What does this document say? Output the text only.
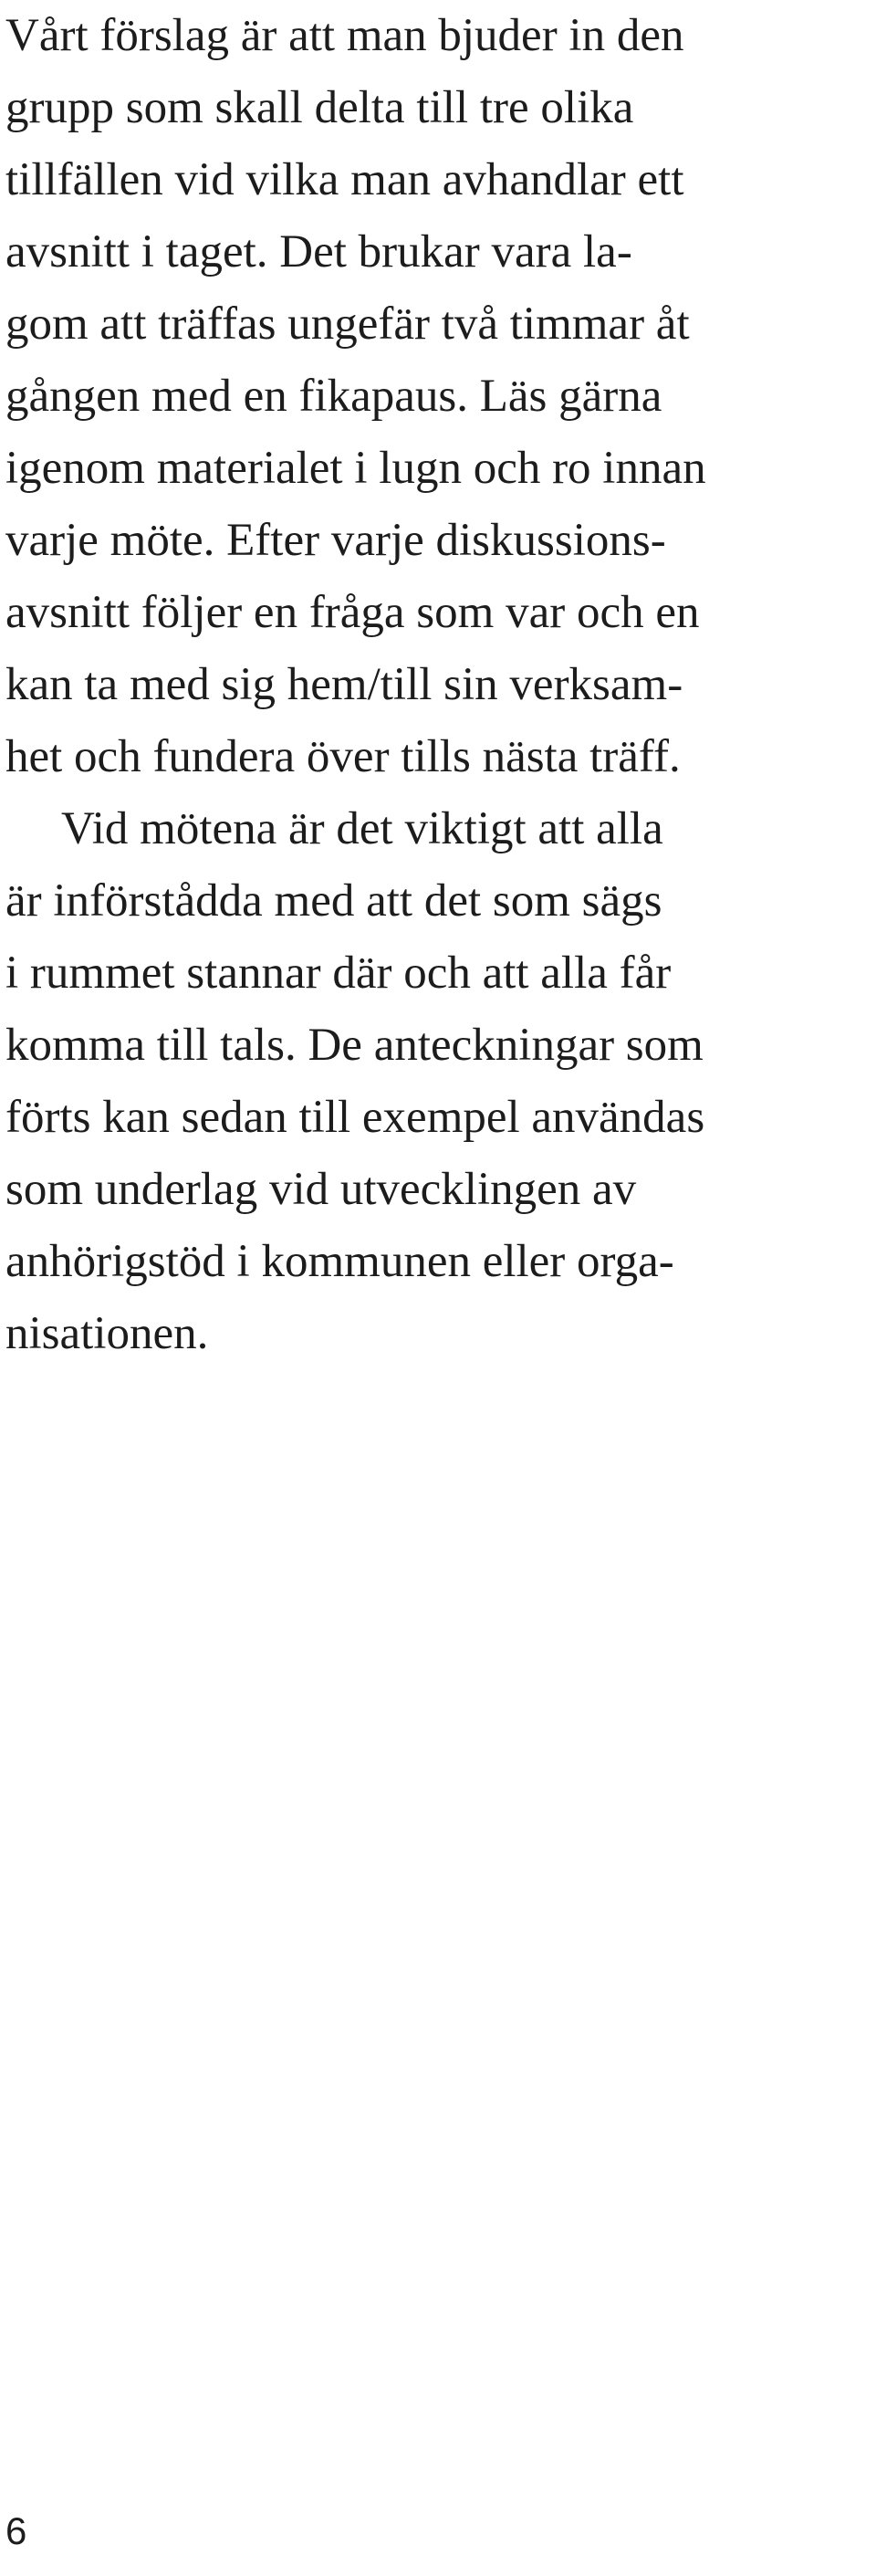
Vårt förslag är att man bjuder in den
grupp som skall delta till tre olika
tillfällen vid vilka man avhandlar ett
avsnitt i taget. Det brukar vara la-
gom att träffas ungefär två timmar åt
gången med en fikapaus. Läs gärna
igenom materialet i lugn och ro innan
varje möte. Efter varje diskussions-
avsnitt följer en fråga som var och en
kan ta med sig hem/till sin verksam-
het och fundera över tills nästa träff.
Vid mötena är det viktigt att alla
är införstådda med att det som sägs
i rummet stannar där och att alla får
komma till tals. De anteckningar som
förts kan sedan till exempel användas
som underlag vid utvecklingen av
anhörigstöd i kommunen eller orga-
nisationen.
6
